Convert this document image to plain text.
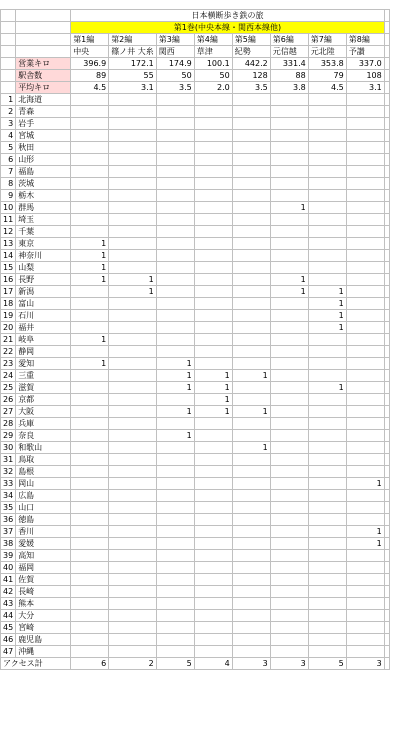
		日本横断歩き鉄の旅								
		第1巻(中央本線・関西本線他)								
		第1編	第2編	第3編	第4編	第5編	第6編	第7編	第8編	
		中央	篠ノ井 大糸	関西	草津	紀勢	元信越	元北陸	予讃	
	営業キロ	396.9	172.1	174.9	100.1	442.2	331.4	353.8	337.0	
	駅舎数	89	55	50	50	128	88	79	108	
	平均キロ	4.5	3.1	3.5	2.0	3.5	3.8	4.5	3.1	
1	北海道									
2	青森									
3	岩手									
4	宮城									
5	秋田									
6	山形									
7	福島									
8	茨城									
9	栃木									
10	群馬						1			
11	埼玉									
12	千葉									
13	東京	1								
14	神奈川	1								
15	山梨	1								
16	長野	1	1				1			
17	新潟		1				1	1		
18	富山							1		
19	石川							1		
20	福井							1		
21	岐阜	1								
22	静岡									
23	愛知	1		1						
24	三重			1	1	1				
25	滋賀			1	1			1		
26	京都				1					
27	大阪			1	1	1				
28	兵庫									
29	奈良			1						
30	和歌山					1				
31	鳥取									
32	島根									
33	岡山								1	
34	広島									
35	山口									
36	徳島									
37	香川								1	
38	愛媛								1	
39	高知									
40	福岡									
41	佐賀									
42	長崎									
43	熊本									
44	大分									
45	宮崎									
46	鹿児島									
47	沖縄									
アクセス計		6	2	5	4	3	3	5	3	
